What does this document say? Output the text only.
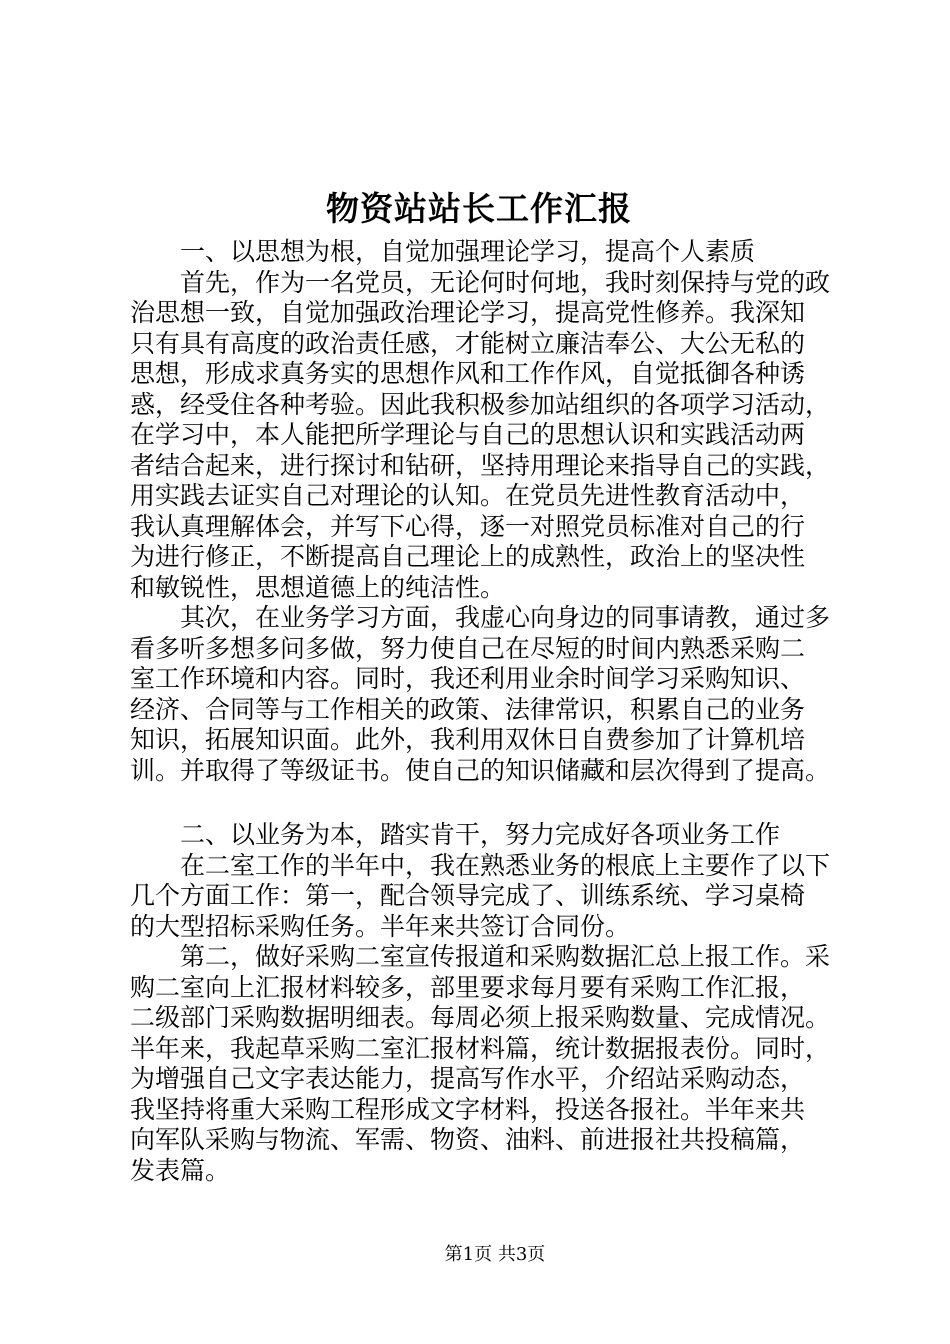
物资站站长工作汇报
　　一、以思想为根，自觉加强理论学习，提高个人素质
　　首先，作为一名党员，无论何时何地，我时刻保持与党的政
治思想一致，自觉加强政治理论学习，提高党性修养。我深知
只有具有高度的政治责任感，才能树立廉洁奉公、大公无私的
思想，形成求真务实的思想作风和工作作风，自觉抵御各种诱
惑，经受住各种考验。因此我积极参加站组织的各项学习活动，
在学习中，本人能把所学理论与自己的思想认识和实践活动两
者结合起来，进行探讨和钻研，坚持用理论来指导自己的实践，
用实践去证实自己对理论的认知。在党员先进性教育活动中，
我认真理解体会，并写下心得，逐一对照党员标准对自己的行
为进行修正，不断提高自己理论上的成熟性，政治上的坚决性
和敏锐性，思想道德上的纯洁性。
　　其次，在业务学习方面，我虚心向身边的同事请教，通过多
看多听多想多问多做，努力使自己在尽短的时间内熟悉采购二
室工作环境和内容。同时，我还利用业余时间学习采购知识、
经济、合同等与工作相关的政策、法律常识，积累自己的业务
知识，拓展知识面。此外，我利用双休日自费参加了计算机培
训。并取得了等级证书。使自己的知识储藏和层次得到了提高。
　　二、以业务为本，踏实肯干，努力完成好各项业务工作
　　在二室工作的半年中，我在熟悉业务的根底上主要作了以下
几个方面工作：第一，配合领导完成了、训练系统、学习桌椅
的大型招标采购任务。半年来共签订合同份。
　　第二，做好采购二室宣传报道和采购数据汇总上报工作。采
购二室向上汇报材料较多，部里要求每月要有采购工作汇报，
二级部门采购数据明细表。每周必须上报采购数量、完成情况。
半年来，我起草采购二室汇报材料篇，统计数据报表份。同时，
为增强自己文字表达能力，提高写作水平，介绍站采购动态，
我坚持将重大采购工程形成文字材料，投送各报社。半年来共
向军队采购与物流、军需、物资、油料、前进报社共投稿篇，
发表篇。
第1页 共3页
